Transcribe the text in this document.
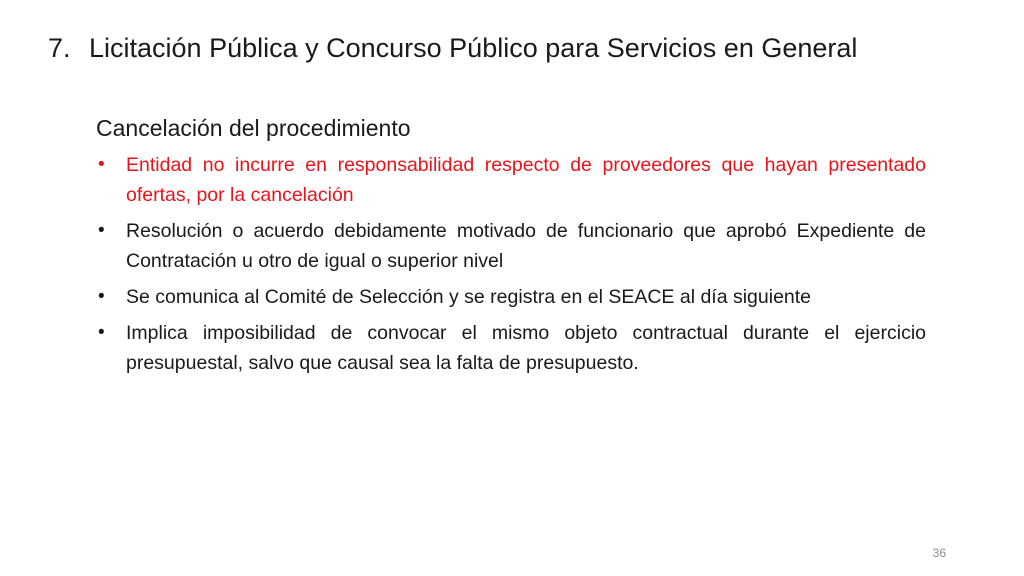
7. Licitación Pública y Concurso Público para Servicios en General
Cancelación del procedimiento
•	Entidad no incurre en responsabilidad respecto de proveedores que hayan presentado ofertas, por la cancelación
•	Resolución o acuerdo debidamente motivado de funcionario que aprobó Expediente de Contratación u otro de igual o superior nivel
•	Se comunica al Comité de Selección y se registra en el SEACE al día siguiente
•	Implica imposibilidad de convocar el mismo objeto contractual durante el ejercicio presupuestal, salvo que causal sea la falta de presupuesto.
36
